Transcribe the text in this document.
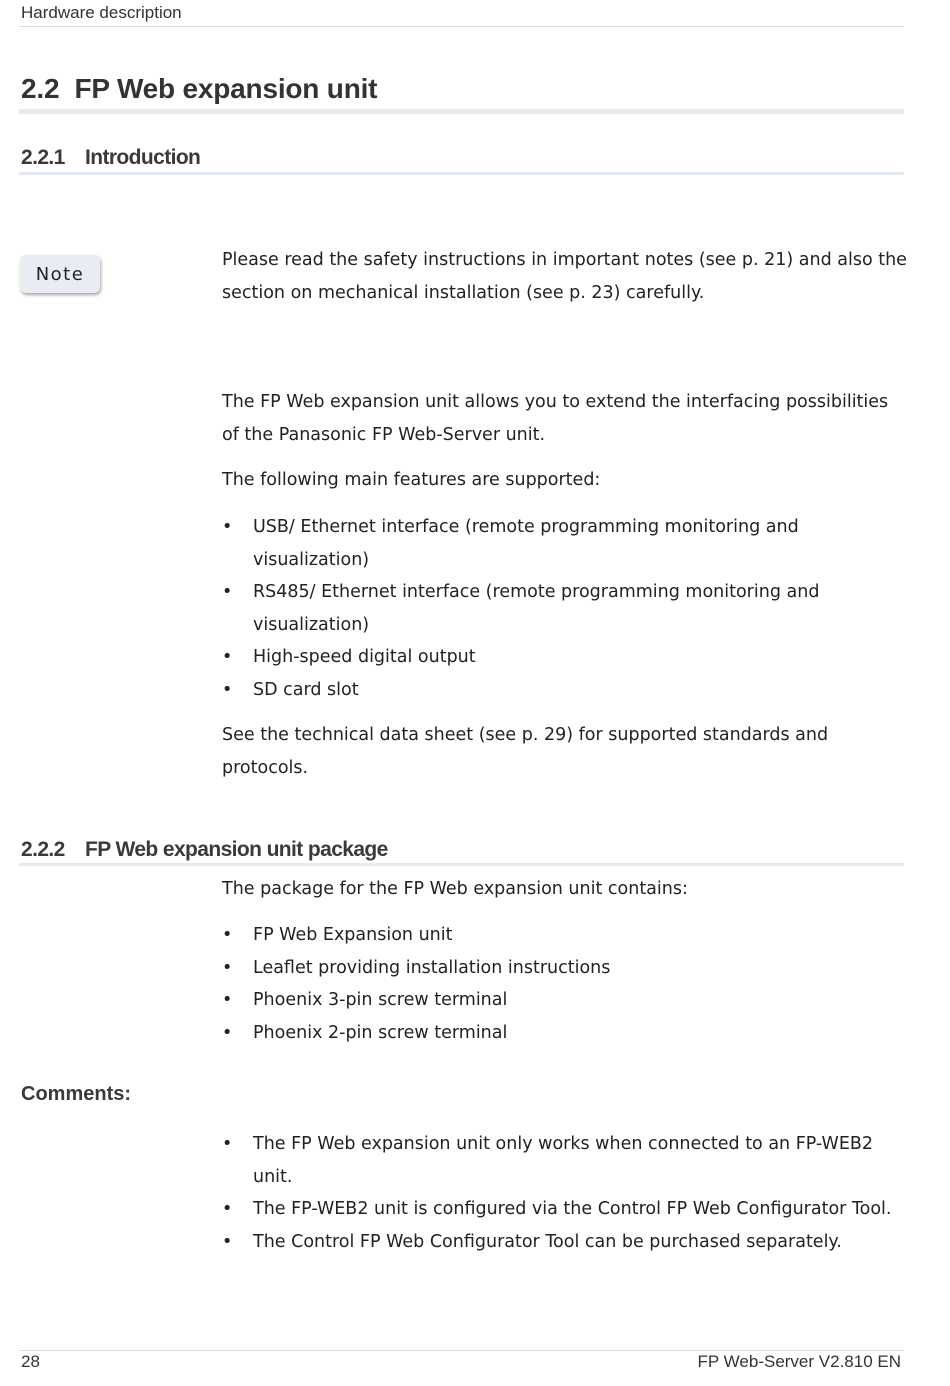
Hardware description
2.2 FP Web expansion unit
2.2.1 Introduction
Note
Please read the safety instructions in important notes (see p. 21) and also the section on mechanical installation (see p. 23) carefully.
The FP Web expansion unit allows you to extend the interfacing possibilities of the Panasonic FP Web-Server unit.
The following main features are supported:
• USB/ Ethernet interface (remote programming monitoring and visualization)
• RS485/ Ethernet interface (remote programming monitoring and visualization)
• High-speed digital output
• SD card slot
See the technical data sheet (see p. 29) for supported standards and protocols.
2.2.2 FP Web expansion unit package
The package for the FP Web expansion unit contains:
• FP Web Expansion unit
• Leaflet providing installation instructions
• Phoenix 3-pin screw terminal
• Phoenix 2-pin screw terminal
Comments:
• The FP Web expansion unit only works when connected to an FP-WEB2 unit.
• The FP-WEB2 unit is configured via the Control FP Web Configurator Tool.
• The Control FP Web Configurator Tool can be purchased separately.
28	FP Web-Server V2.810 EN
